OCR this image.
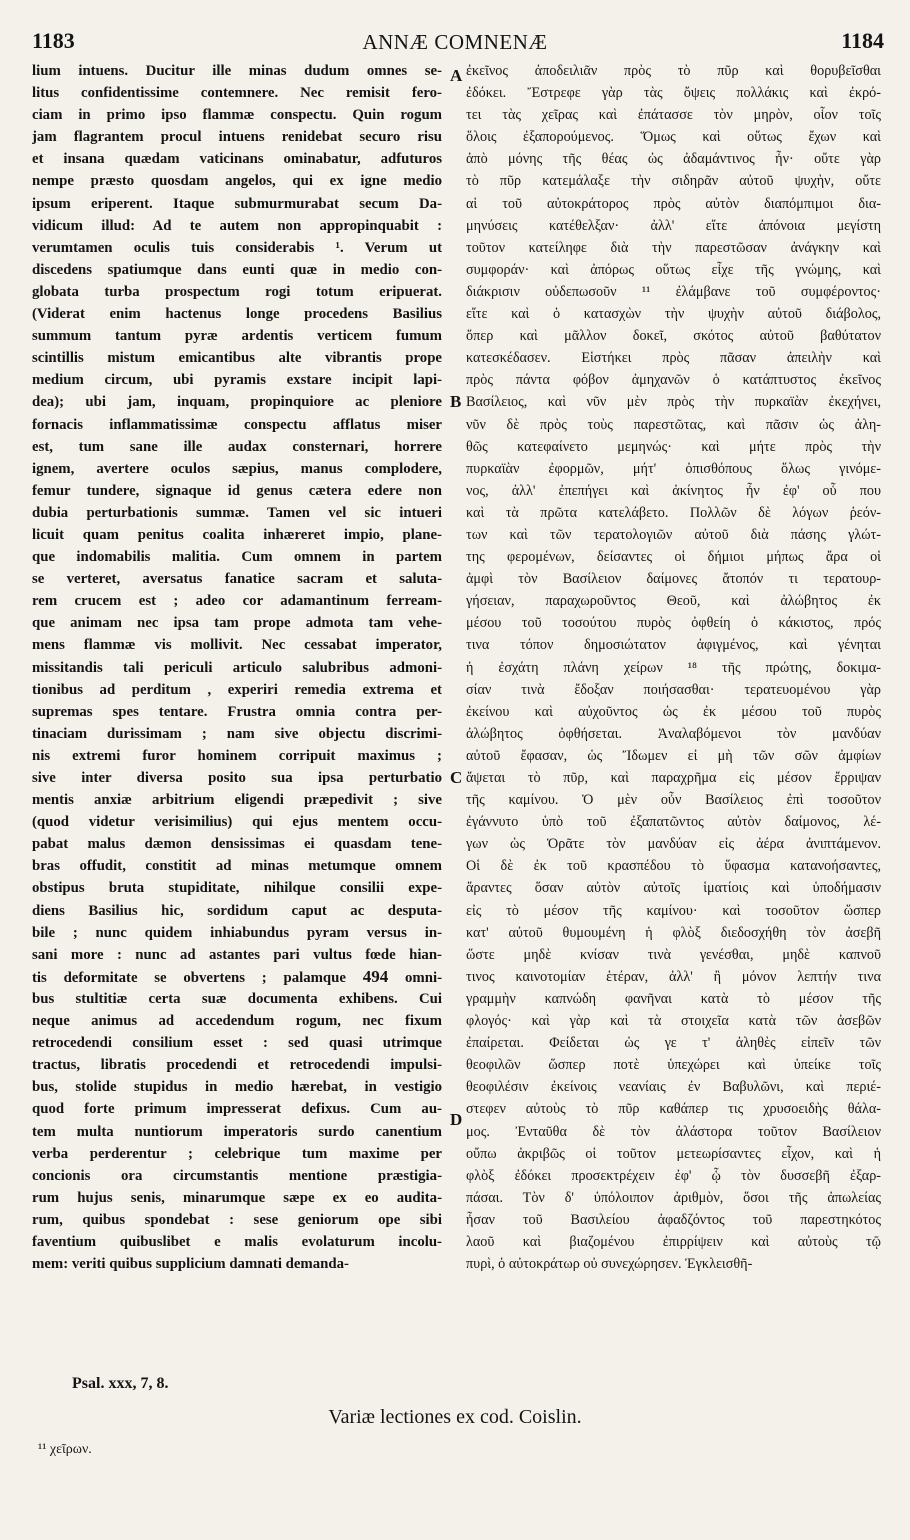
1183	ANNÆ COMNENÆ	1184
lium intuens. Ducitur ille minas dudum omnes se-
litus confidentissime contemnere. Nec remisit fero-
ciam in primo ipso flammæ conspectu. Quin rogum
jam flagrantem procul intuens renidebat securo risu
et insana quædam vaticinans ominabatur, adfuturos
nempe præsto quosdam angelos, qui ex igne medio
ipsum eriperent. Itaque submurmurabat secum Da-
vidicum illud: Ad te autem non appropinquabit :
verumtamen oculis tuis considerabis ¹. Verum ut
discedens spatiumque dans eunti quæ in medio con-
globata turba prospectum rogi totum eripuerat.
(Viderat enim hactenus longe procedens Basilius
summum tantum pyræ ardentis verticem fumum
scintillis mistum emicantibus alte vibrantis prope
medium circum, ubi pyramis exstare incipit lapi-
dea); ubi jam, inquam, propinquiore ac pleniore
fornacis inflammatissimæ conspectu afflatus miser
est, tum sane ille audax consternari, horrere
ignem, avertere oculos sæpius, manus complodere,
femur tundere, signaque id genus cætera edere non
dubia perturbationis summæ. Tamen vel sic intueri
licuit quam penitus coalita inhæreret impio, plane-
que indomabilis malitia. Cum omnem in partem
se verteret, aversatus fanatice sacram et saluta-
rem crucem est ; adeo cor adamantinum ferream-
que animam nec ipsa tam prope admota tam vehe-
mens flammæ vis mollivit. Nec cessabat imperator,
missitandis tali periculi articulo salubribus admoni-
tionibus ad perditum , experiri remedia extrema et
supremas spes tentare. Frustra omnia contra per-
tinaciam durissimam ; nam sive objectu discrimi-
nis extremi furor hominem corripuit maximus ;
sive inter diversa posito sua ipsa perturbatio
mentis anxiæ arbitrium eligendi præpedivit ; sive
(quod videtur verisimilius) qui ejus mentem occu-
pabat malus dæmon densissimas ei quasdam tene-
bras offudit, constitit ad minas metumque omnem
obstipus bruta stupiditate, nihilque consilii expe-
diens Basilius hic, sordidum caput ac desputa-
bile ; nunc quidem inhiabundus pyram versus in-
sani more : nunc ad astantes pari vultus fœde hian-
tis deformitate se obvertens ; palamque 494 omni-
bus stultitiæ certa suæ documenta exhibens. Cui
neque animus ad accedendum rogum, nec fixum
retrocedendi consilium esset : sed quasi utrimque
tractus, libratis procedendi et retrocedendi impulsi-
bus, stolide stupidus in medio hærebat, in vestigio
quod forte primum impresserat defixus. Cum au-
tem multa nuntiorum imperatoris surdo canentium
verba perderentur ; celebrique tum maxime per
concionis ora circumstantis mentione præstigia-
rum hujus senis, minarumque sæpe ex eo audita-
rum, quibus spondebat : sese geniorum ope sibi
faventium quibuslibet e malis evolaturum incolu-
mem: veriti quibus supplicium damnati demanda-
ἐκεῖνος ἀποδειλιᾶν πρὸς τὸ πῦρ καὶ θορυβεῖσθαι
ἐδόκει. Ἔστρεφε γὰρ τὰς ὄψεις πολλάκις καὶ ἐκρό-
τει τὰς χεῖρας καὶ ἐπάτασσε τὸν μηρὸν, οἷον τοῖς
ὅλοις ἐξαπορούμενος. Ὅμως καὶ οὕτως ἔχων καὶ
ἀπὸ μόνης τῆς θέας ὡς ἀδαμάντινος ἦν· οὔτε γὰρ
τὸ πῦρ κατεμάλαξε τὴν σιδηρᾶν αὐτοῦ ψυχὴν, οὔτε
αἱ τοῦ αὐτοκράτορος πρὸς αὐτὸν διαπόμπιμοι δια-
μηνύσεις κατέθελξαν· ἀλλ' εἴτε ἀπόνοια μεγίστη
τοῦτον κατείληφε διὰ τὴν παρεστῶσαν ἀνάγκην καὶ
συμφοράν· καὶ ἀπόρως οὕτως εἶχε τῆς γνώμης, καὶ
διάκρισιν οὐδεπωσοῦν ¹¹ ἐλάμβανε τοῦ συμφέροντος·
εἴτε καὶ ὁ κατασχὼν τὴν ψυχὴν αὐτοῦ διάβολος,
ὅπερ καὶ μᾶλλον δοκεῖ, σκότος αὐτοῦ βαθύτατον
κατεσκέδασεν. Εἱστήκει πρὸς πᾶσαν ἀπειλὴν καὶ
πρὸς πάντα φόβον ἀμηχανῶν ὁ κατάπτυστος ἐκεῖνος
Βασίλειος, καὶ νῦν μὲν πρὸς τὴν πυρκαϊὰν ἐκεχήνει,
νῦν δὲ πρὸς τοὺς παρεστῶτας, καὶ πᾶσιν ὡς ἀλη-
θῶς κατεφαίνετο μεμηνώς· καὶ μήτε πρὸς τὴν
πυρκαϊὰν ἐφορμῶν, μήτ' ὀπισθόπους ὅλως γινόμε-
νος, ἀλλ' ἐπεπήγει καὶ ἀκίνητος ἦν ἐφ' οὗ που
καὶ τὰ πρῶτα κατελάβετο. Πολλῶν δὲ λόγων ῥεόν-
των καὶ τῶν τερατολογιῶν αὐτοῦ διὰ πάσης γλώτ-
της φερομένων, δείσαντες οἱ δήμιοι μήπως ἄρα οἱ
ἀμφὶ τὸν Βασίλειον δαίμονες ἄτοπόν τι τερατουρ-
γήσειαν, παραχωροῦντος Θεοῦ, καὶ ἀλώβητος ἐκ
μέσου τοῦ τοσούτου πυρὸς ὀφθείη ὁ κάκιστος, πρός
τινα τόπον δημοσιώτατον ἀφιγμένος, καὶ γένηται
ἡ ἐσχάτη πλάνη χείρων ¹⁸ τῆς πρώτης, δοκιμα-
σίαν τινὰ ἔδοξαν ποιήσασθαι· τερατευομένου γὰρ
ἐκείνου καὶ αὐχοῦντος ὡς ἐκ μέσου τοῦ πυρὸς
ἀλώβητος ὀφθήσεται. Ἀναλαβόμενοι τὸν μανδύαν
αὐτοῦ ἔφασαν, ὡς Ἴδωμεν εἰ μὴ τῶν σῶν ἀμφίων
ἅψεται τὸ πῦρ, καὶ παραχρῆμα εἰς μέσον ἔρριψαν
τῆς καμίνου. Ὁ μὲν οὖν Βασίλειος ἐπὶ τοσοῦτον
ἐγάννυτο ὑπὸ τοῦ ἐξαπατῶντος αὐτὸν δαίμονος, λέ-
γων ὡς Ὁρᾶτε τὸν μανδύαν εἰς ἀέρα ἀνιπτάμενον.
Οἱ δὲ ἐκ τοῦ κρασπέδου τὸ ὕφασμα κατανοήσαντες,
ἅραντες ὅσαν αὐτὸν αὐτοῖς ἱματίοις καὶ ὑποδήμασιν
εἰς τὸ μέσον τῆς καμίνου· καὶ τοσοῦτον ὥσπερ
κατ' αὐτοῦ θυμουμένη ἡ φλὸξ διεδοσχήθη τὸν ἀσεβῆ
ὥστε μηδὲ κνίσαν τινὰ γενέσθαι, μηδὲ καπνοῦ
τινος καινοτομίαν ἑτέραν, ἀλλ' ἢ μόνον λεπτήν τινα
γραμμὴν καπνώδη φανῆναι κατὰ τὸ μέσον τῆς
φλογός· καὶ γὰρ καὶ τὰ στοιχεῖα κατὰ τῶν ἀσεβῶν
ἐπαίρεται. Φείδεται ὡς γε τ' ἀληθὲς εἰπεῖν τῶν
θεοφιλῶν ὥσπερ ποτὲ ὑπεχώρει καὶ ὑπείκε τοῖς
θεοφιλέσιν ἐκείνοις νεανίαις ἐν Βαβυλῶνι, καὶ περιέ-
στεφεν αὐτοὺς τὸ πῦρ καθάπερ τις χρυσοειδὴς θάλα-
μος. Ἐνταῦθα δὲ τὸν ἀλάστορα τοῦτον Βασίλειον
οὔπω ἀκριβῶς οἱ τοῦτον μετεωρίσαντες εἶχον, καὶ ἡ
φλὸξ ἐδόκει προσεκτρέχειν ἐφ' ᾧ τὸν δυσσεβῆ ἐξαρ-
πάσαι. Τὸν δ' ὑπόλοιπον ἀριθμὸν, ὅσοι τῆς ἀπωλείας
ἦσαν τοῦ Βασιλείου ἀφαδζόντος τοῦ παρεστηκότος
λαοῦ καὶ βιαζομένου ἐπιρρίψειν καὶ αὐτοὺς τῷ
πυρὶ, ὁ αὐτοκράτωρ οὐ συνεχώρησεν. Ἐγκλεισθῆ-
A
B
C
D
Psal. xxx, 7, 8.
Variæ lectiones ex cod. Coislin.
¹¹ χεῖρων.
